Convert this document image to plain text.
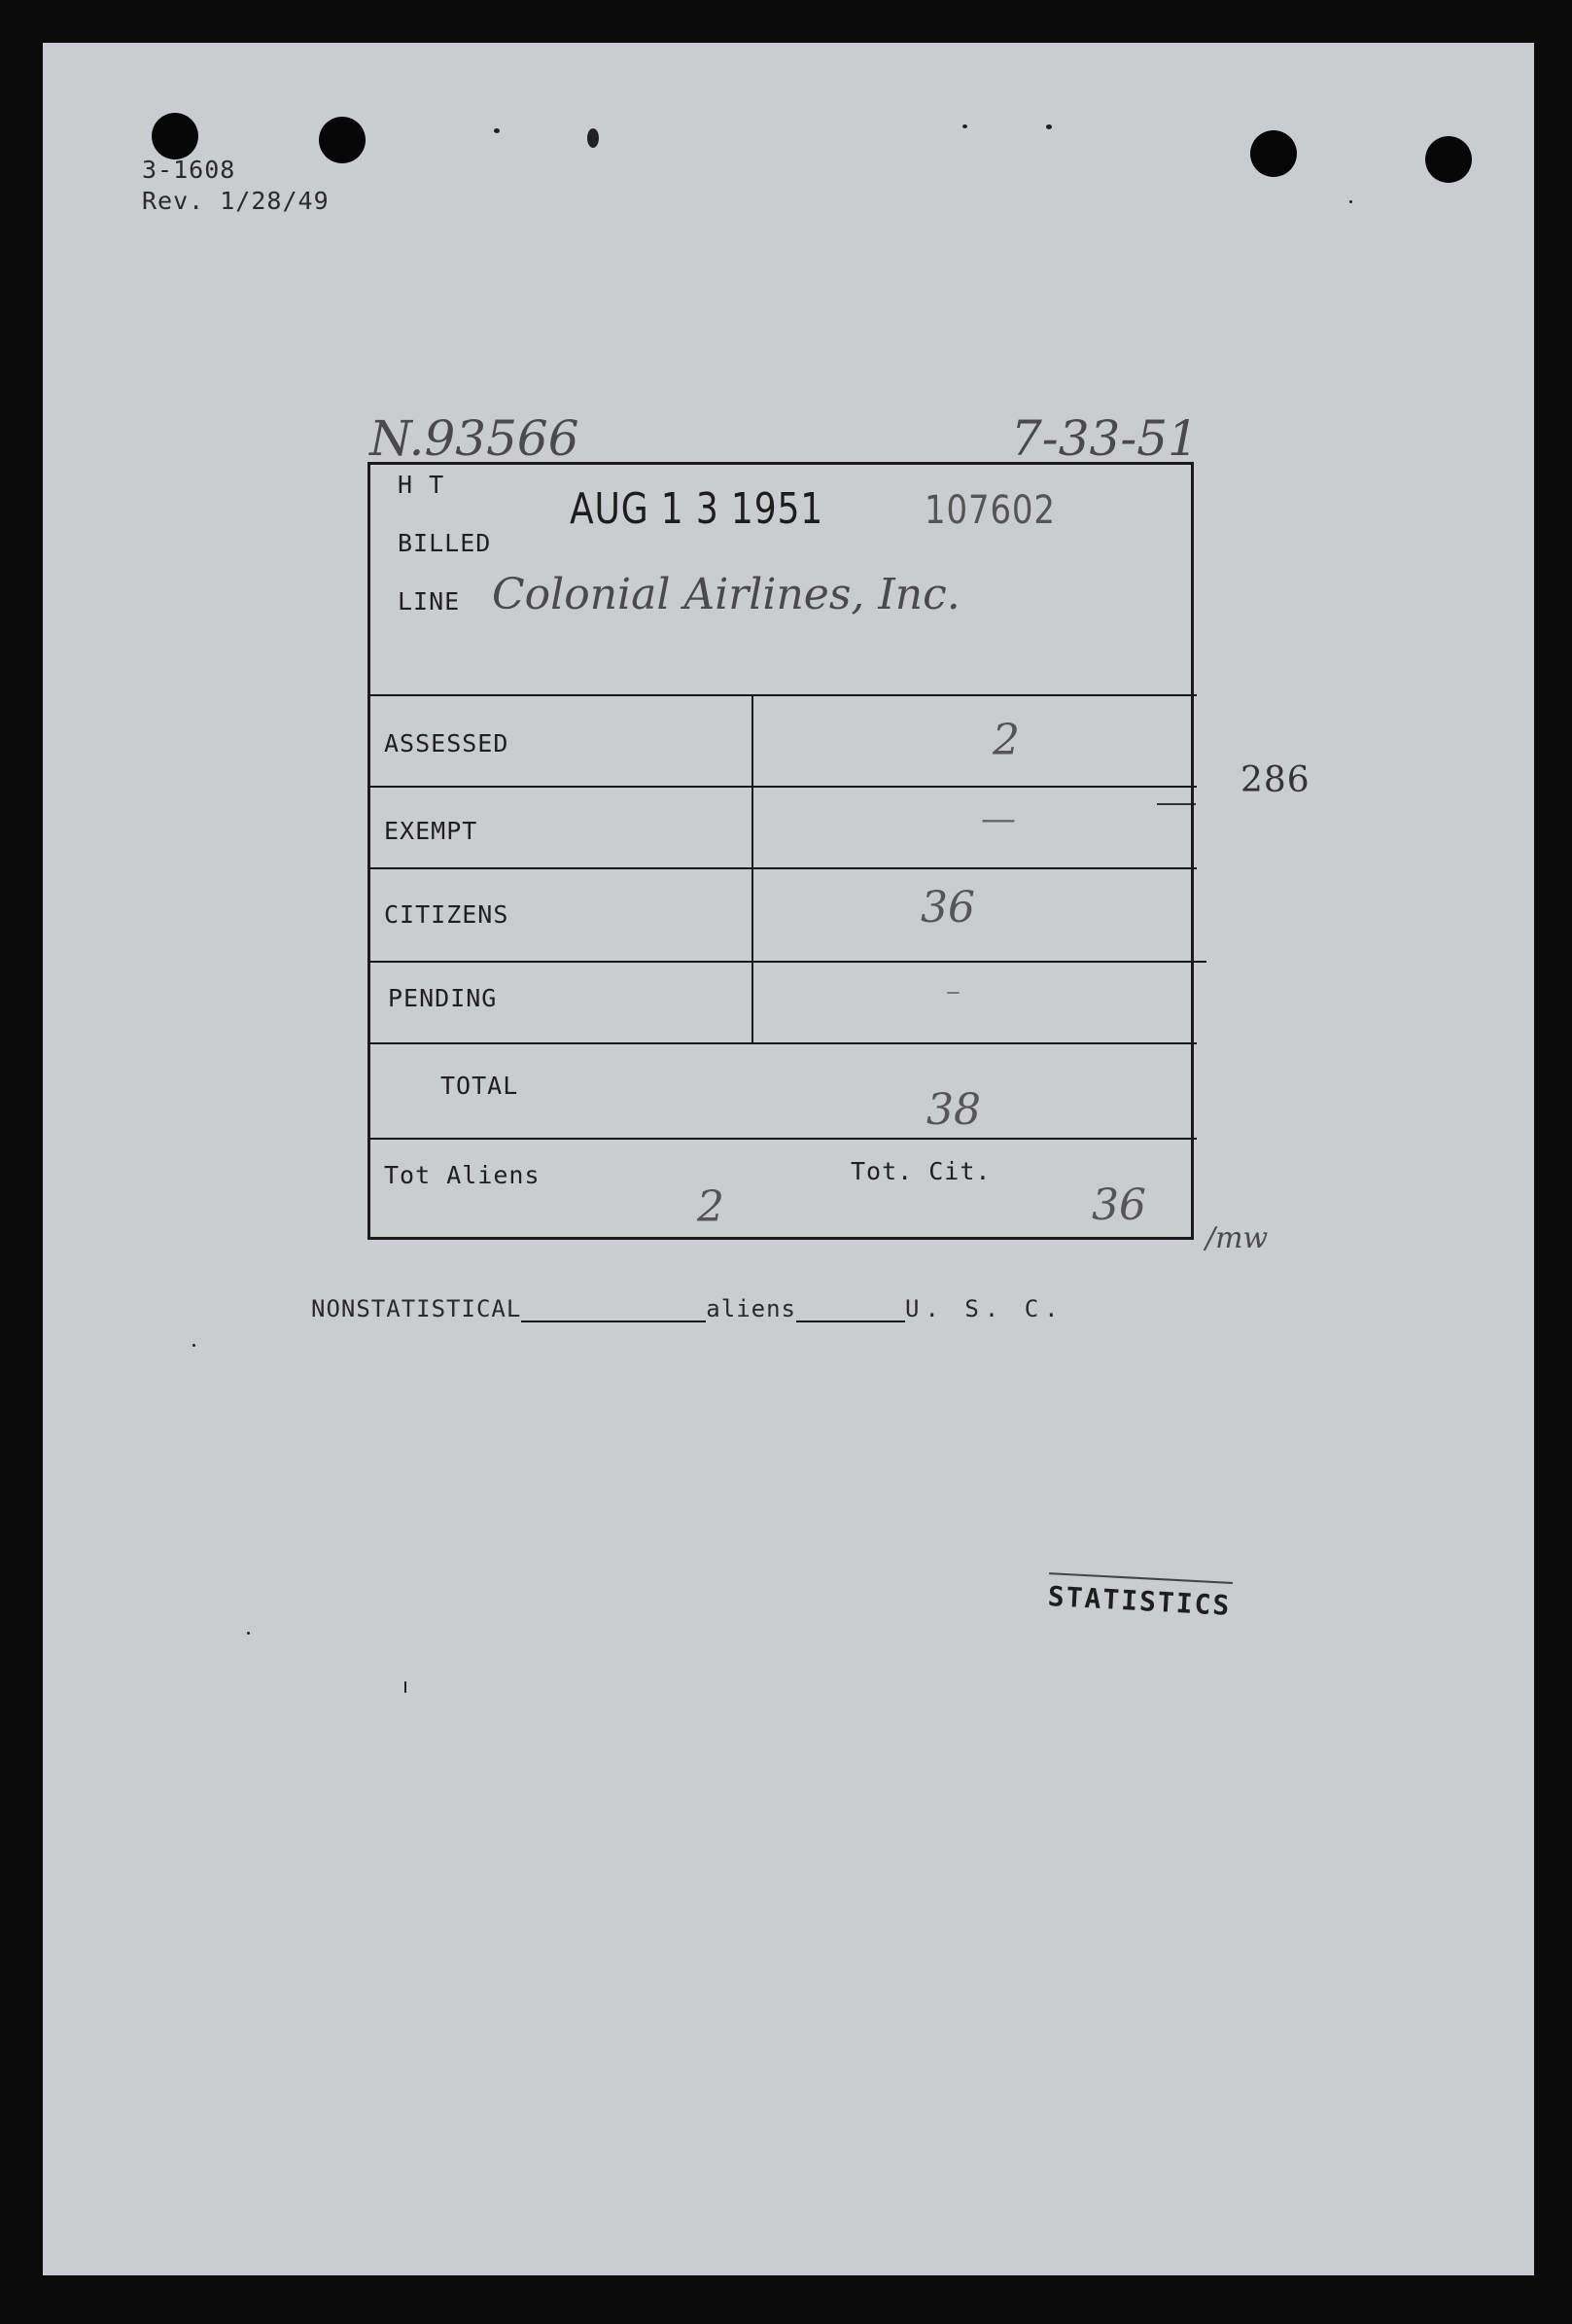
3-1608
Rev. 1/28/49
N.93566	7-33-51
286
H T
BILLED
LINE
AUG 1 3 1951	107602
Colonial Airlines, Inc.
ASSESSED	2
EXEMPT	—
CITIZENS	36
PENDING	–
TOTAL	38
Tot Aliens	Tot. Cit.
2	36
/mw
NONSTATISTICAL	aliens	U. S. C.
STATISTICS
